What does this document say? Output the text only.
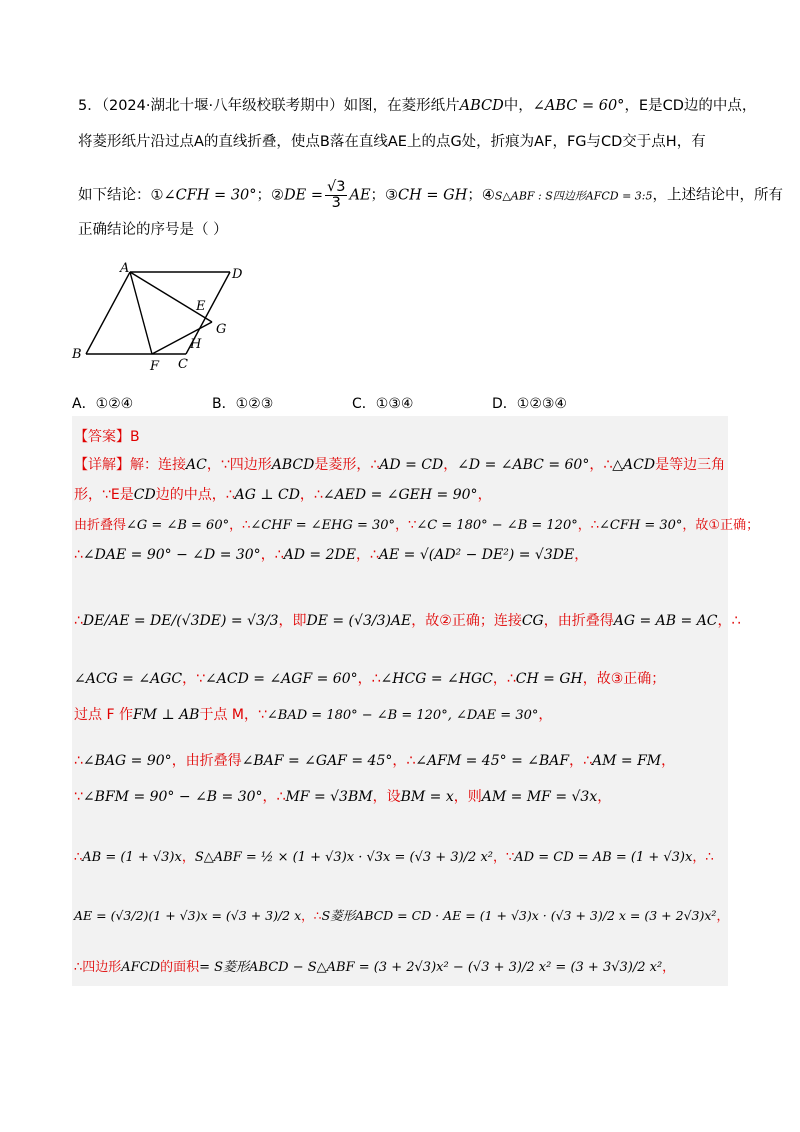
5．（2024·湖北十堰·八年级校联考期中）如图，在菱形纸片ABCD中，∠ABC = 60°，E是CD边的中点，
将菱形纸片沿过点A的直线折叠，使点B落在直线AE上的点G处，折痕为AF，FG与CD交于点H，有
如下结论：①∠CFH = 30°；②DE = $\frac{√3}{3}$ AE；③CH = GH；④S△ABF : S四边形AFCD = 3:5，上述结论中，所有
正确结论的序号是（ ）
A	D
E
G
H
B
F C
A．①②④	B．①②③	C．①③④	D．①②③④
【答案】B
【详解】解：连接AC，∵四边形ABCD是菱形，∴AD = CD，∠D = ∠ABC = 60°，∴△ACD是等边三角
形，∵E是CD边的中点，∴AG ⊥ CD，∴∠AED = ∠GEH = 90°，
由折叠得∠G = ∠B = 60°，∴∠CHF = ∠EHG = 30°，∵∠C = 180° − ∠B = 120°，∴∠CFH = 30°，故①正确；
∴∠DAE = 90° − ∠D = 30°，∴AD = 2DE，∴AE = √(AD² − DE²) = √3DE，
∴DE/AE = DE/(√3DE) = √3/3，即DE = (√3/3)AE，故②正确；连接CG，由折叠得AG = AB = AC，∴
∠ACG = ∠AGC，∵∠ACD = ∠AGF = 60°，∴∠HCG = ∠HGC，∴CH = GH，故③正确；
过点 F 作FM ⊥ AB于点 M，∵∠BAD = 180° − ∠B = 120°, ∠DAE = 30°，
∴∠BAG = 90°，由折叠得∠BAF = ∠GAF = 45°，∴∠AFM = 45° = ∠BAF，∴AM = FM，
∵∠BFM = 90° − ∠B = 30°，∴MF = √3BM，设BM = x，则AM = MF = √3x，
∴AB = (1 + √3)x，S△ABF = ½ × (1 + √3)x · √3x = (√3 + 3)/2 x²，∵AD = CD = AB = (1 + √3)x，∴
AE = (√3/2)(1 + √3)x = (√3 + 3)/2 x，∴S菱形ABCD = CD · AE = (1 + √3)x · (√3 + 3)/2 x = (3 + 2√3)x²，
∴四边形AFCD的面积= S菱形ABCD − S△ABF = (3 + 2√3)x² − (√3 + 3)/2 x² = (3 + 3√3)/2 x²，
